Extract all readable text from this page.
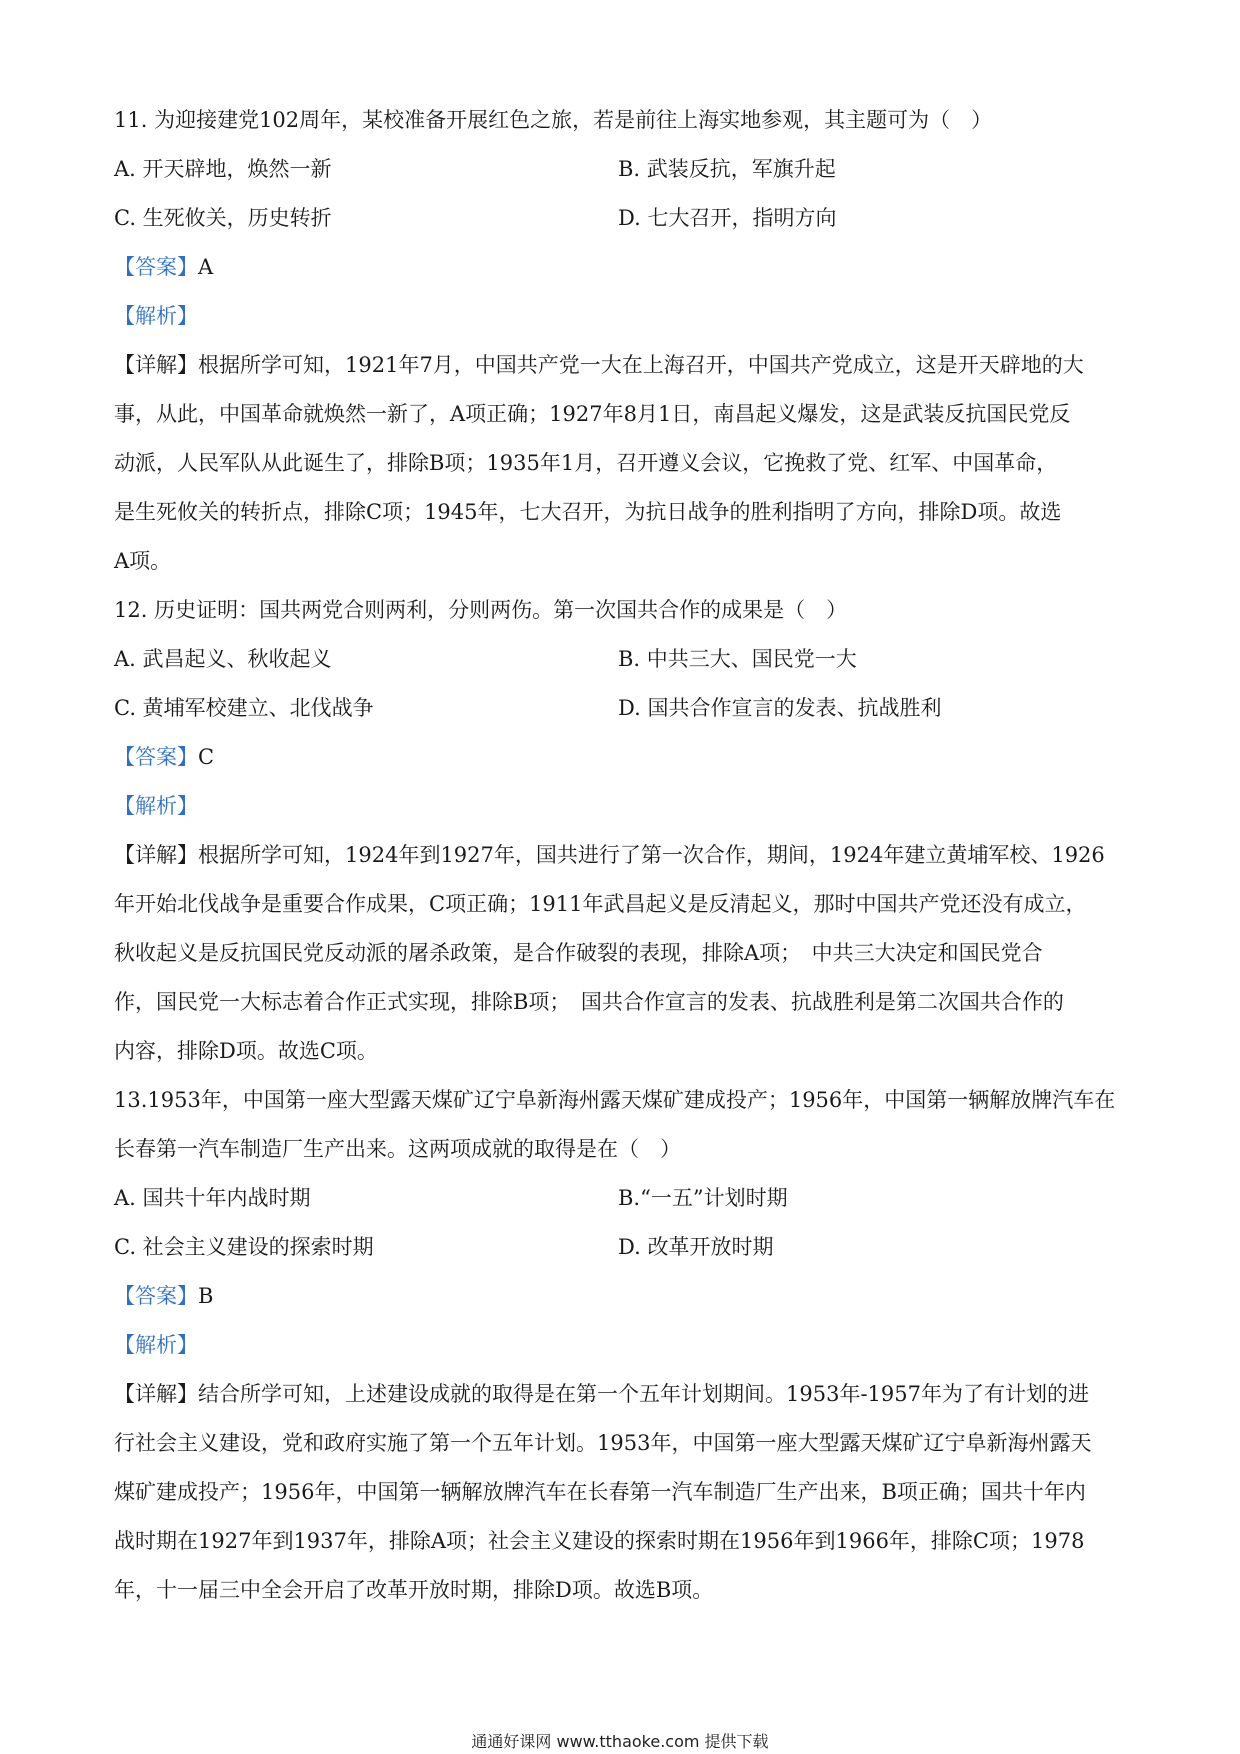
11. 为迎接建党102周年，某校准备开展红色之旅，若是前往上海实地参观，其主题可为（　）
A. 开天辟地，焕然一新	B. 武装反抗，军旗升起
C. 生死攸关，历史转折	D. 七大召开，指明方向
【答案】A
【解析】
【详解】根据所学可知，1921年7月，中国共产党一大在上海召开，中国共产党成立，这是开天辟地的大
事，从此，中国革命就焕然一新了，A项正确；1927年8月1日，南昌起义爆发，这是武装反抗国民党反
动派，人民军队从此诞生了，排除B项；1935年1月，召开遵义会议，它挽救了党、红军、中国革命，
是生死攸关的转折点，排除C项；1945年，七大召开，为抗日战争的胜利指明了方向，排除D项。故选
A项。
12. 历史证明：国共两党合则两利，分则两伤。第一次国共合作的成果是（　）
A. 武昌起义、秋收起义	B. 中共三大、国民党一大
C. 黄埔军校建立、北伐战争	D. 国共合作宣言的发表、抗战胜利
【答案】C
【解析】
【详解】根据所学可知，1924年到1927年，国共进行了第一次合作，期间，1924年建立黄埔军校、1926
年开始北伐战争是重要合作成果，C项正确；1911年武昌起义是反清起义，那时中国共产党还没有成立，
秋收起义是反抗国民党反动派的屠杀政策，是合作破裂的表现，排除A项；　中共三大决定和国民党合
作，国民党一大标志着合作正式实现，排除B项；　国共合作宣言的发表、抗战胜利是第二次国共合作的
内容，排除D项。故选C项。
13.1953年，中国第一座大型露天煤矿辽宁阜新海州露天煤矿建成投产；1956年，中国第一辆解放牌汽车在
长春第一汽车制造厂生产出来。这两项成就的取得是在（　）
A. 国共十年内战时期	B.“一五”计划时期
C. 社会主义建设的探索时期	D. 改革开放时期
【答案】B
【解析】
【详解】结合所学可知，上述建设成就的取得是在第一个五年计划期间。1953年-1957年为了有计划的进
行社会主义建设，党和政府实施了第一个五年计划。1953年，中国第一座大型露天煤矿辽宁阜新海州露天
煤矿建成投产；1956年，中国第一辆解放牌汽车在长春第一汽车制造厂生产出来，B项正确；国共十年内
战时期在1927年到1937年，排除A项；社会主义建设的探索时期在1956年到1966年，排除C项；1978
年，十一届三中全会开启了改革开放时期，排除D项。故选B项。
通通好课网 www.tthaoke.com 提供下载
